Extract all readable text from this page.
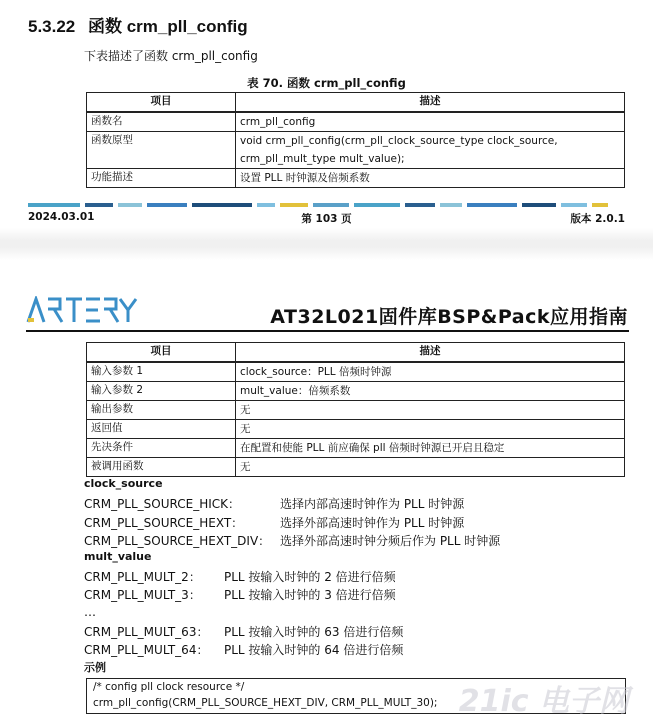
5.3.22 函数 crm_pll_config
下表描述了函数 crm_pll_config
表 70. 函数 crm_pll_config
项目	描述
函数名	crm_pll_config
函数原型	void crm_pll_config(crm_pll_clock_source_type clock_source, crm_pll_mult_type mult_value);
功能描述	设置 PLL 时钟源及倍频系数
2024.03.01	第 103 页	版本 2.0.1
AT32L021固件库BSP&Pack应用指南
项目	描述
输入参数 1	clock_source：PLL 倍频时钟源
输入参数 2	mult_value：倍频系数
输出参数	无
返回值	无
先决条件	在配置和使能 PLL 前应确保 pll 倍频时钟源已开启且稳定
被调用函数	无
clock_source
CRM_PLL_SOURCE_HICK：	选择内部高速时钟作为 PLL 时钟源
CRM_PLL_SOURCE_HEXT：	选择外部高速时钟作为 PLL 时钟源
CRM_PLL_SOURCE_HEXT_DIV： 选择外部高速时钟分频后作为 PLL 时钟源
mult_value
CRM_PLL_MULT_2： PLL 按输入时钟的 2 倍进行倍频
CRM_PLL_MULT_3： PLL 按输入时钟的 3 倍进行倍频
…
CRM_PLL_MULT_63： PLL 按输入时钟的 63 倍进行倍频
CRM_PLL_MULT_64： PLL 按输入时钟的 64 倍进行倍频
示例
/* config pll clock resource */
crm_pll_config(CRM_PLL_SOURCE_HEXT_DIV, CRM_PLL_MULT_30); 21ic 电子网
